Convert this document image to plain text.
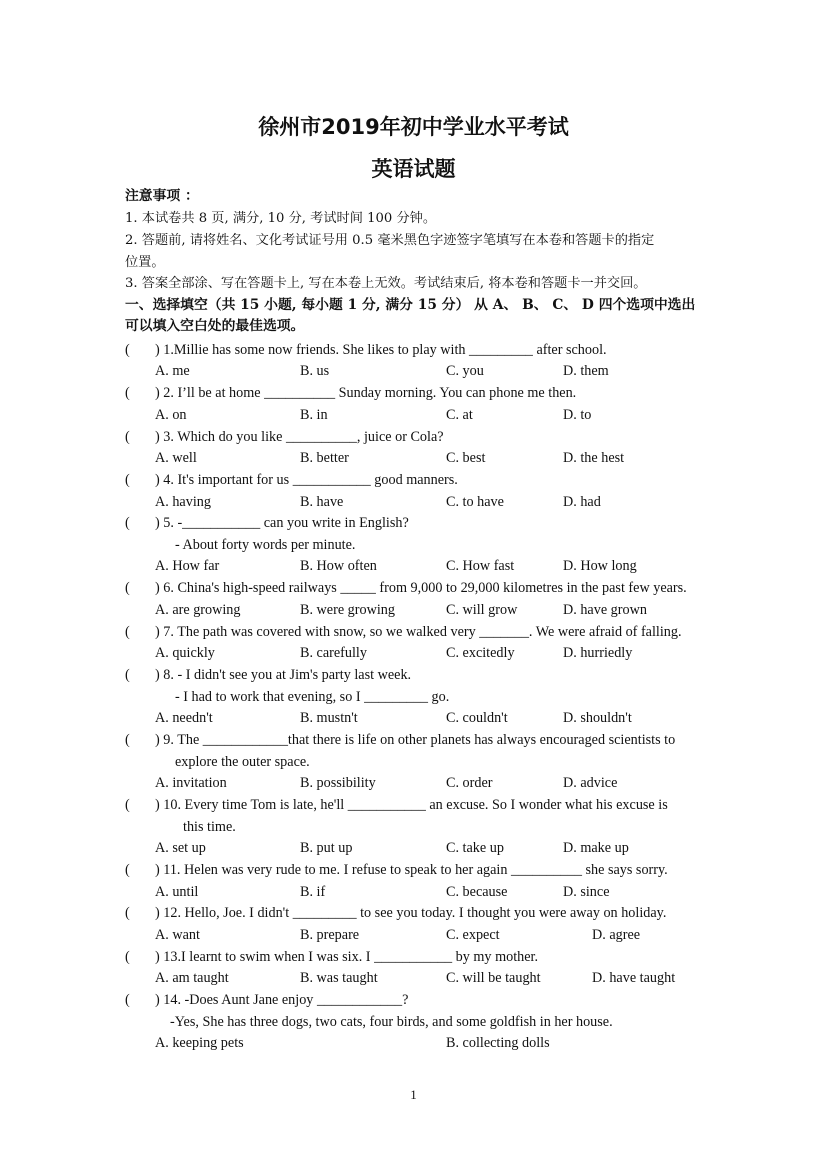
徐州市2019年初中学业水平考试
英语试题
注意事项 ：
1. 本试卷共 8 页, 满分, 10 分, 考试时间 100 分钟。
2. 答题前, 请将姓名、文化考试证号用 0.5 毫米黑色字迹签字笔填写在本卷和答题卡的指定
位置。
3. 答案全部涂、写在答题卡上, 写在本卷上无效。考试结束后, 将本卷和答题卡一并交回。
一、选择填空（共 15 小题, 每小题 1 分, 满分 15 分） 从 A、 B、 C、 D 四个选项中选出
可以填入空白处的最佳选项。
( ) 1.Millie has some now friends. She likes to play with _________ after school.
A. me	B. us	C. you	D. them
( ) 2. I’ll be at home __________ Sunday morning. You can phone me then.
A. on	B. in	C. at	D. to
( ) 3. Which do you like __________, juice or Cola?
A. well	B. better	C. best	D. the hest
( ) 4. It's important for us ___________ good manners.
A. having	B. have	C. to have	D. had
( ) 5. -___________ can you write in English?
- About forty words per minute.
A. How far	B. How often	C. How fast	D. How long
( ) 6. China's high-speed railways _____ from 9,000 to 29,000 kilometres in the past few years.
A. are growing	B. were growing	C. will grow	D. have grown
( ) 7. The path was covered with snow, so we walked very _______. We were afraid of falling.
A. quickly	B. carefully	C. excitedly	D. hurriedly
( ) 8. - I didn't see you at Jim's party last week.
- I had to work that evening, so I _________ go.
A. needn't	B. mustn't	C. couldn't	D. shouldn't
( ) 9. The ____________that there is life on other planets has always encouraged scientists to
explore the outer space.
A. invitation	B. possibility	C. order	D. advice
( ) 10. Every time Tom is late, he'll ___________ an excuse. So I wonder what his excuse is
this time.
A. set up	B. put up	C. take up	D. make up
( ) 11. Helen was very rude to me. I refuse to speak to her again __________ she says sorry.
A. until	B. if	C. because	D. since
( ) 12. Hello, Joe. I didn't _________ to see you today. I thought you were away on holiday.
A. want	B. prepare	C. expect	D. agree
( ) 13.I learnt to swim when I was six. I ___________ by my mother.
A. am taught	B. was taught	C. will be taught	D. have taught
( ) 14. -Does Aunt Jane enjoy ____________?
-Yes, She has three dogs, two cats, four birds, and some goldfish in her house.
A. keeping pets	B. collecting dolls
1
